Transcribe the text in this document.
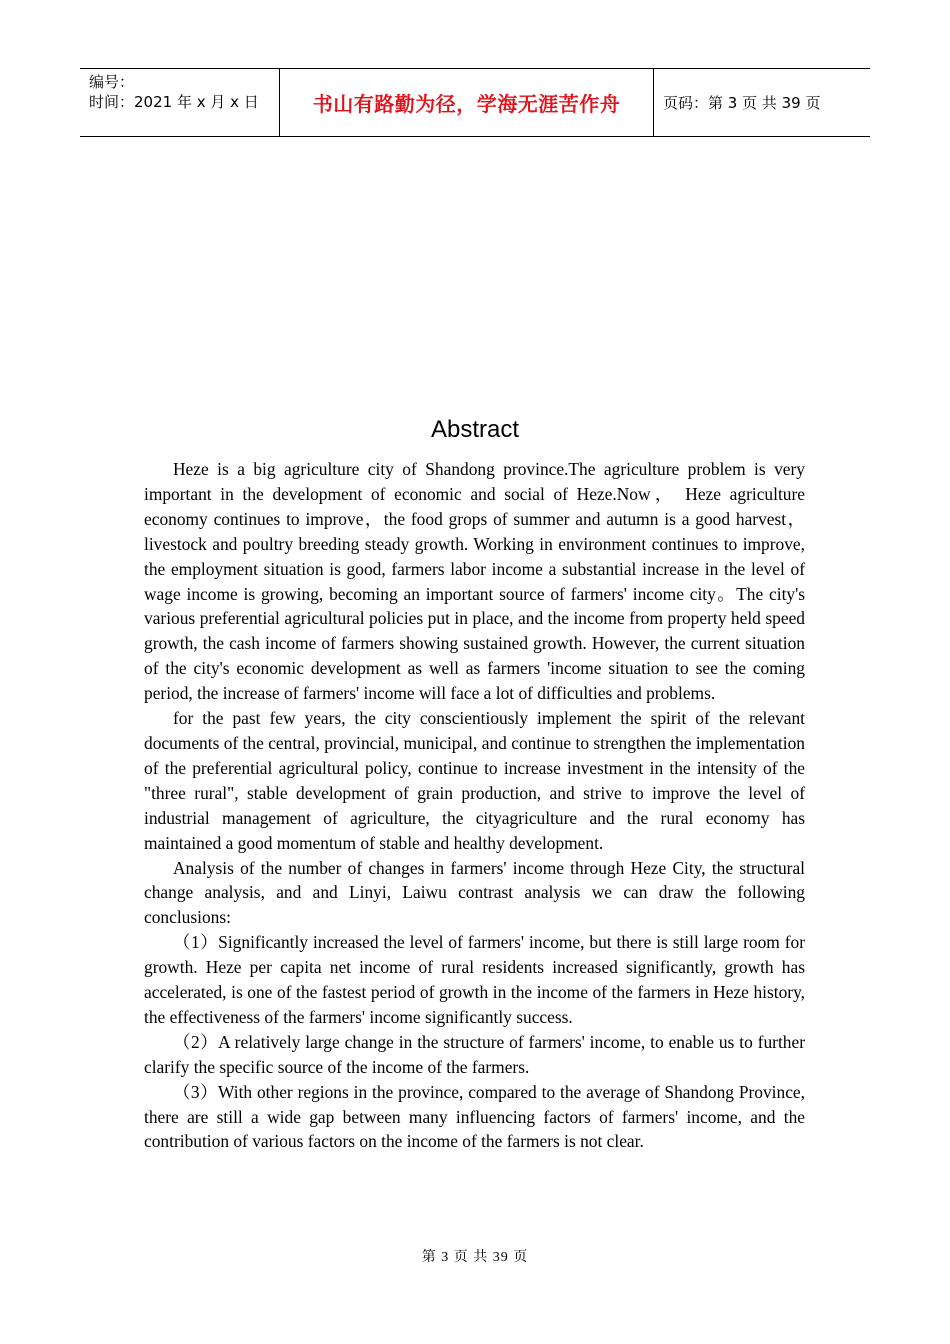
编号：
时间：2021 年 x 月 x 日	书山有路勤为径，学海无涯苦作舟	页码：第 3 页 共 39 页
Abstract

Heze is a big agriculture city of Shandong province.The agriculture problem is very important in the development of economic and social of Heze.Now， Heze agriculture economy continues to improve，the food grops of summer and autumn is a good harvest， livestock and poultry breeding steady growth. Working in environment continues to improve, the employment situation is good, farmers labor income a substantial increase in the level of wage income is growing, becoming an important source of farmers' income city。The city's various preferential agricultural policies put in place, and the income from property held speed growth, the cash income of farmers showing sustained growth. However, the current situation of the city's economic development as well as farmers 'income situation to see the coming period, the increase of farmers' income will face a lot of difficulties and problems.

for the past few years, the city conscientiously implement the spirit of the relevant documents of the central, provincial, municipal, and continue to strengthen the implementation of the preferential agricultural policy, continue to increase investment in the intensity of the "three rural", stable development of grain production, and strive to improve the level of industrial management of agriculture, the cityagriculture and the rural economy has maintained a good momentum of stable and healthy development.

Analysis of the number of changes in farmers' income through Heze City, the structural change analysis, and and Linyi, Laiwu contrast analysis we can draw the following conclusions:

（1）Significantly increased the level of farmers' income, but there is still large room for growth. Heze per capita net income of rural residents increased significantly, growth has accelerated, is one of the fastest period of growth in the income of the farmers in Heze history, the effectiveness of the farmers' income significantly success.

（2）A relatively large change in the structure of farmers' income, to enable us to further clarify the specific source of the income of the farmers.

（3）With other regions in the province, compared to the average of Shandong Province, there are still a wide gap between many influencing factors of farmers' income, and the contribution of various factors on the income of the farmers is not clear.

第 3 页 共 39 页
